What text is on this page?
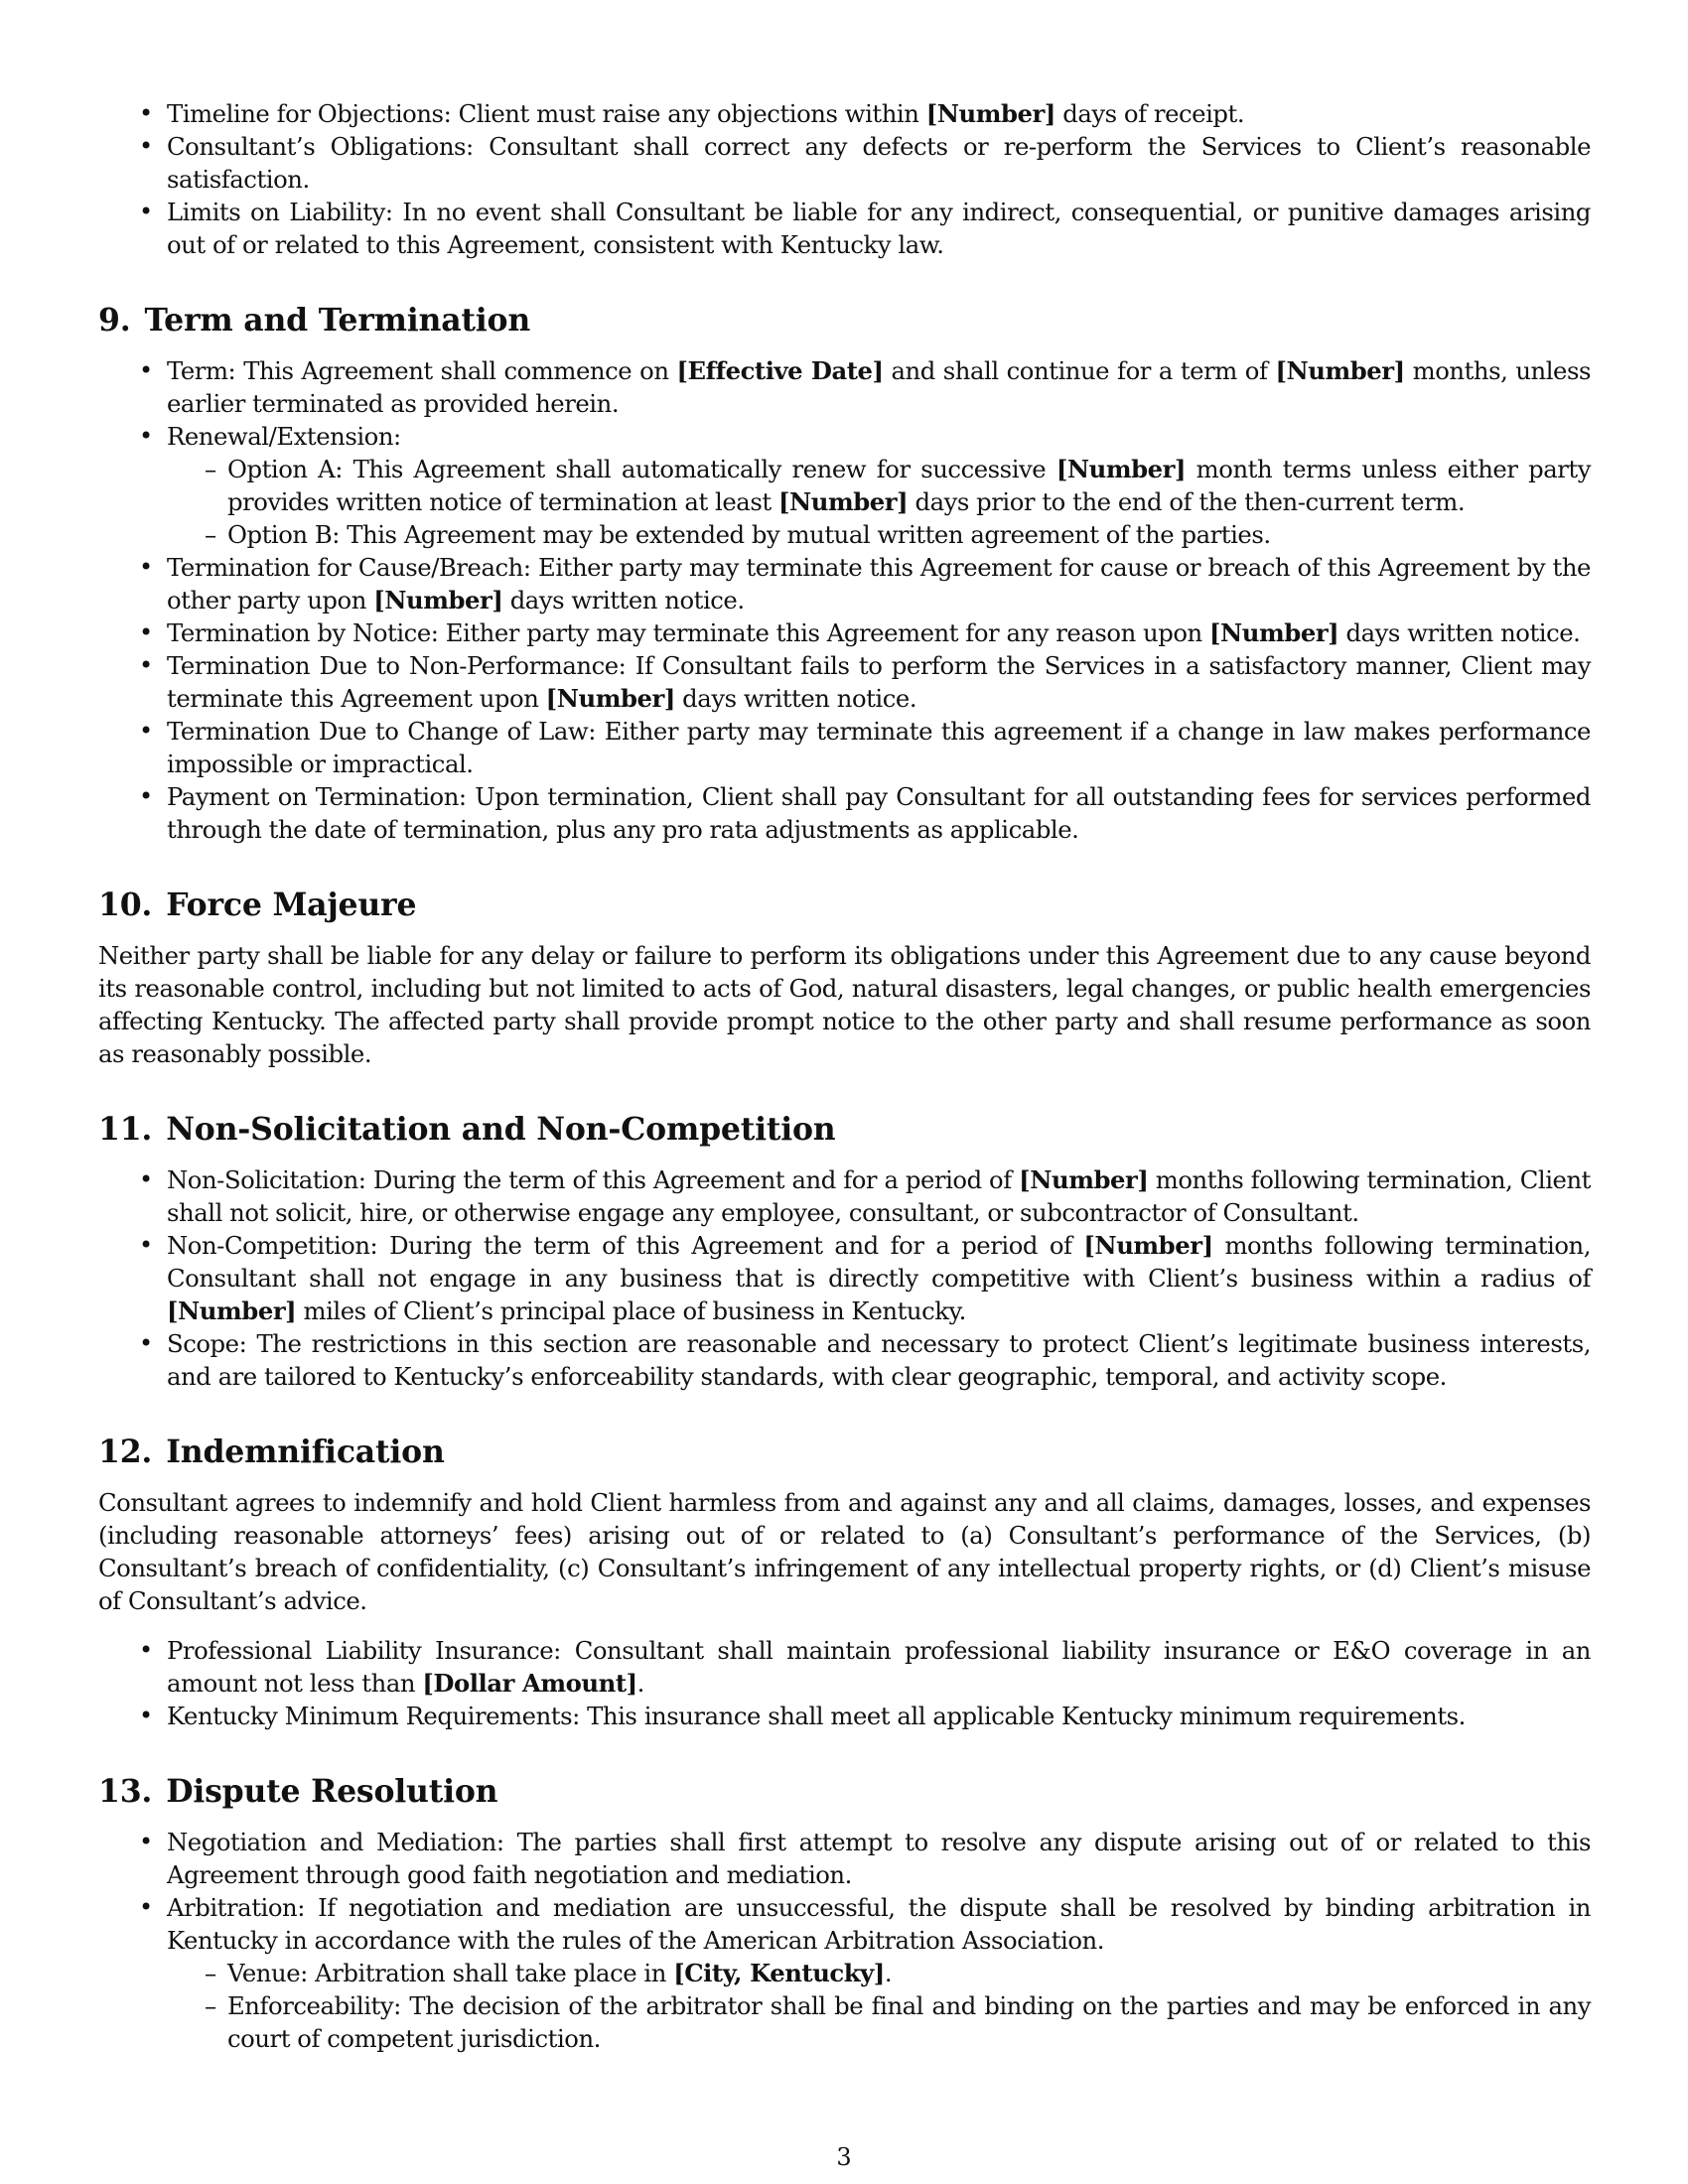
• Timeline for Objections: Client must raise any objections within [Number] days of receipt.
• Consultant’s Obligations: Consultant shall correct any defects or re-perform the Services to Client’s reasonable satisfaction.
• Limits on Liability: In no event shall Consultant be liable for any indirect, consequential, or punitive damages arising out of or related to this Agreement, consistent with Kentucky law.
9. Term and Termination
• Term: This Agreement shall commence on [Effective Date] and shall continue for a term of [Number] months, unless earlier terminated as provided herein.
• Renewal/Extension:
– Option A: This Agreement shall automatically renew for successive [Number] month terms unless either party provides written notice of termination at least [Number] days prior to the end of the then-current term.
– Option B: This Agreement may be extended by mutual written agreement of the parties.
• Termination for Cause/Breach: Either party may terminate this Agreement for cause or breach of this Agreement by the other party upon [Number] days written notice.
• Termination by Notice: Either party may terminate this Agreement for any reason upon [Number] days written notice.
• Termination Due to Non-Performance: If Consultant fails to perform the Services in a satisfactory manner, Client may terminate this Agreement upon [Number] days written notice.
• Termination Due to Change of Law: Either party may terminate this agreement if a change in law makes performance impossible or impractical.
• Payment on Termination: Upon termination, Client shall pay Consultant for all outstanding fees for services performed through the date of termination, plus any pro rata adjustments as applicable.
10. Force Majeure

Neither party shall be liable for any delay or failure to perform its obligations under this Agreement due to any cause beyond its reasonable control, including but not limited to acts of God, natural disasters, legal changes, or public health emergencies affecting Kentucky. The affected party shall provide prompt notice to the other party and shall resume performance as soon as reasonably possible.

11. Non-Solicitation and Non-Competition
• Non-Solicitation: During the term of this Agreement and for a period of [Number] months following termination, Client shall not solicit, hire, or otherwise engage any employee, consultant, or subcontractor of Consultant.
• Non-Competition: During the term of this Agreement and for a period of [Number] months following termination, Consultant shall not engage in any business that is directly competitive with Client’s business within a radius of [Number] miles of Client’s principal place of business in Kentucky.
• Scope: The restrictions in this section are reasonable and necessary to protect Client’s legitimate business interests, and are tailored to Kentucky’s enforceability standards, with clear geographic, temporal, and activity scope.
12. Indemnification

Consultant agrees to indemnify and hold Client harmless from and against any and all claims, damages, losses, and expenses (including reasonable attorneys’ fees) arising out of or related to (a) Consultant’s performance of the Services, (b) Consultant’s breach of confidentiality, (c) Consultant’s infringement of any intellectual property rights, or (d) Client’s misuse of Consultant’s advice.

• Professional Liability Insurance: Consultant shall maintain professional liability insurance or E&O coverage in an amount not less than [Dollar Amount].
• Kentucky Minimum Requirements: This insurance shall meet all applicable Kentucky minimum requirements.
13. Dispute Resolution
• Negotiation and Mediation: The parties shall first attempt to resolve any dispute arising out of or related to this Agreement through good faith negotiation and mediation.
• Arbitration: If negotiation and mediation are unsuccessful, the dispute shall be resolved by binding arbitration in Kentucky in accordance with the rules of the American Arbitration Association.
– Venue: Arbitration shall take place in [City, Kentucky].
– Enforceability: The decision of the arbitrator shall be final and binding on the parties and may be enforced in any court of competent jurisdiction.
3
